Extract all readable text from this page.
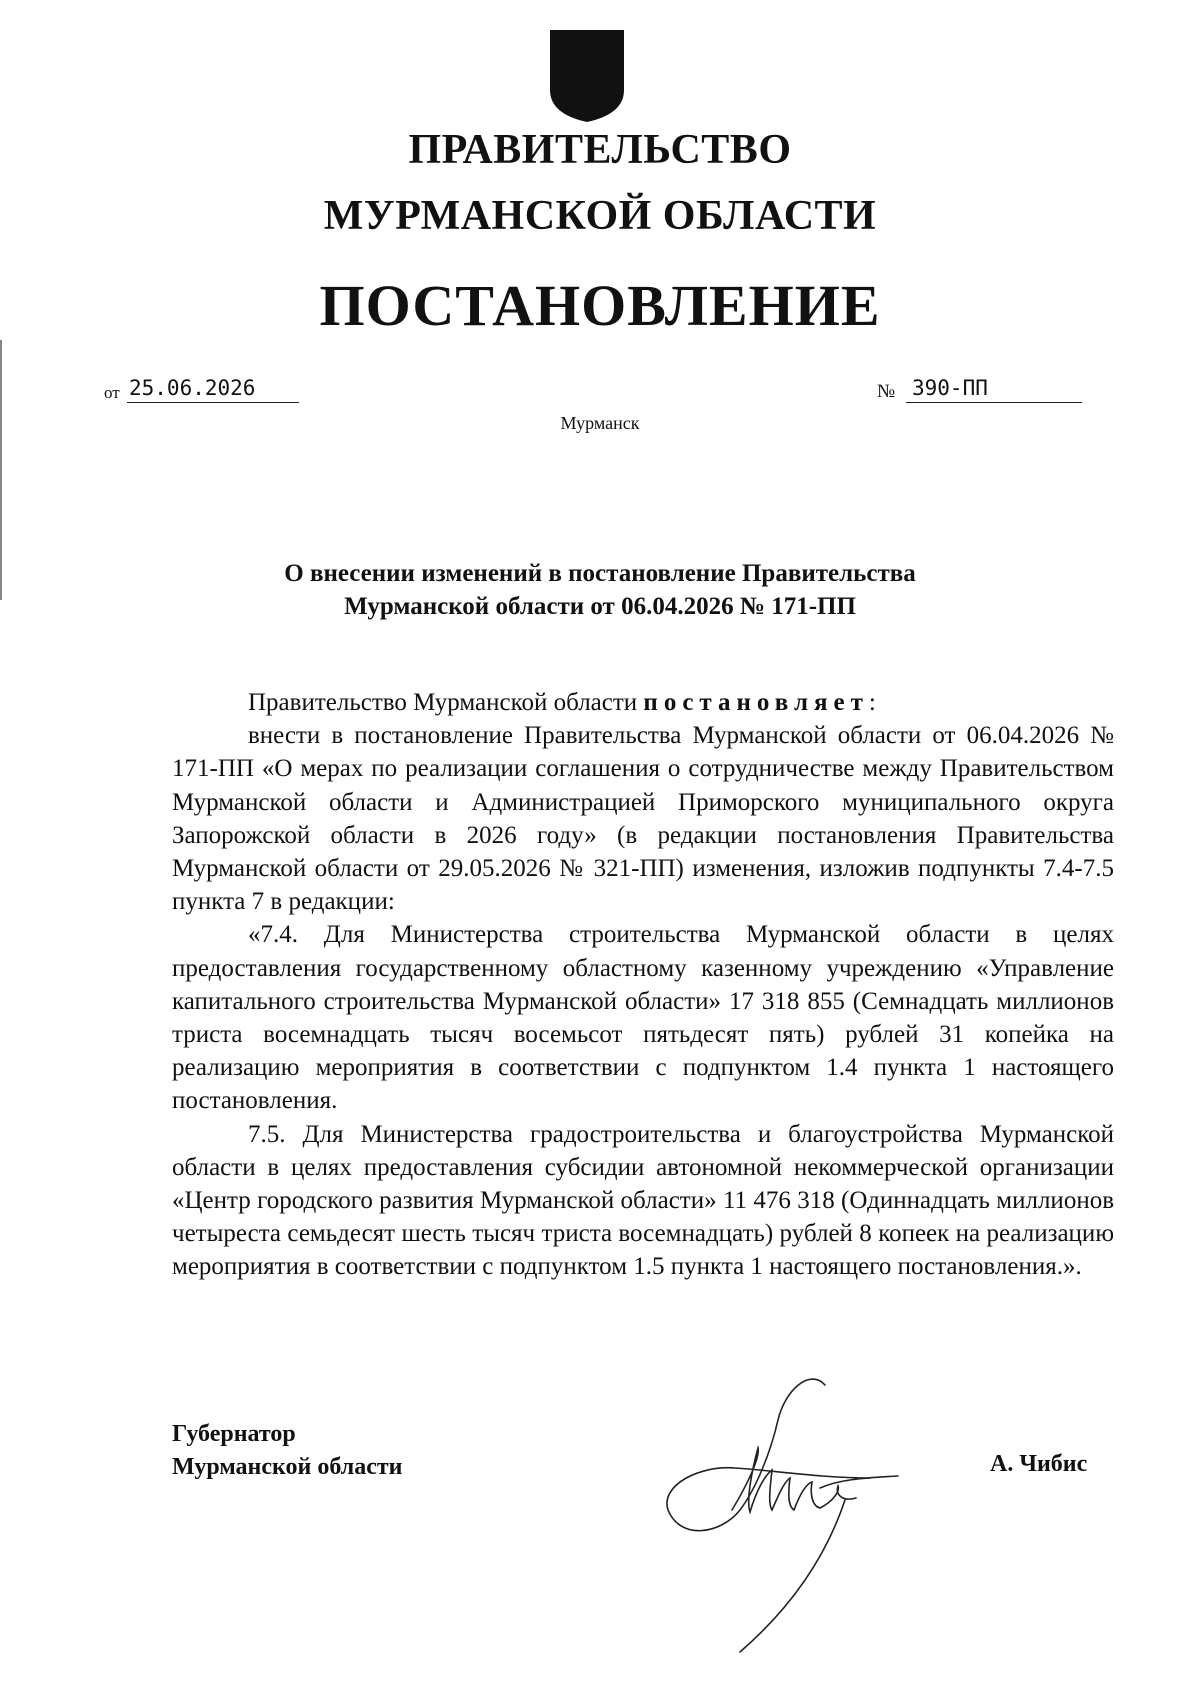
ПРАВИТЕЛЬСТВО
МУРМАНСКОЙ ОБЛАСТИ
ПОСТАНОВЛЕНИЕ
от 25.06.2026	№ 390-ПП
Мурманск
О внесении изменений в постановление Правительства
Мурманской области от 06.04.2026 № 171-ПП

Правительство Мурманской области постановляет:

внести в постановление Правительства Мурманской области от 06.04.2026 № 171-ПП «О мерах по реализации соглашения о сотрудничестве между Правительством Мурманской области и Администрацией Приморского муниципального округа Запорожской области в 2026 году» (в редакции постановления Правительства Мурманской области от 29.05.2026 № 321-ПП) изменения, изложив подпункты 7.4-7.5 пункта 7 в редакции:

«7.4. Для Министерства строительства Мурманской области в целях предоставления государственному областному казенному учреждению «Управление капитального строительства Мурманской области» 17 318 855 (Семнадцать миллионов триста восемнадцать тысяч восемьсот пятьдесят пять) рублей 31 копейка на реализацию мероприятия в соответствии с подпунктом 1.4 пункта 1 настоящего постановления.

7.5. Для Министерства градостроительства и благоустройства Мурманской области в целях предоставления субсидии автономной некоммерческой организации «Центр городского развития Мурманской области» 11 476 318 (Одиннадцать миллионов четыреста семьдесят шесть тысяч триста восемнадцать) рублей 8 копеек на реализацию мероприятия в соответствии с подпунктом 1.5 пункта 1 настоящего постановления.».

Губернатор
Мурманской области	А. Чибис
